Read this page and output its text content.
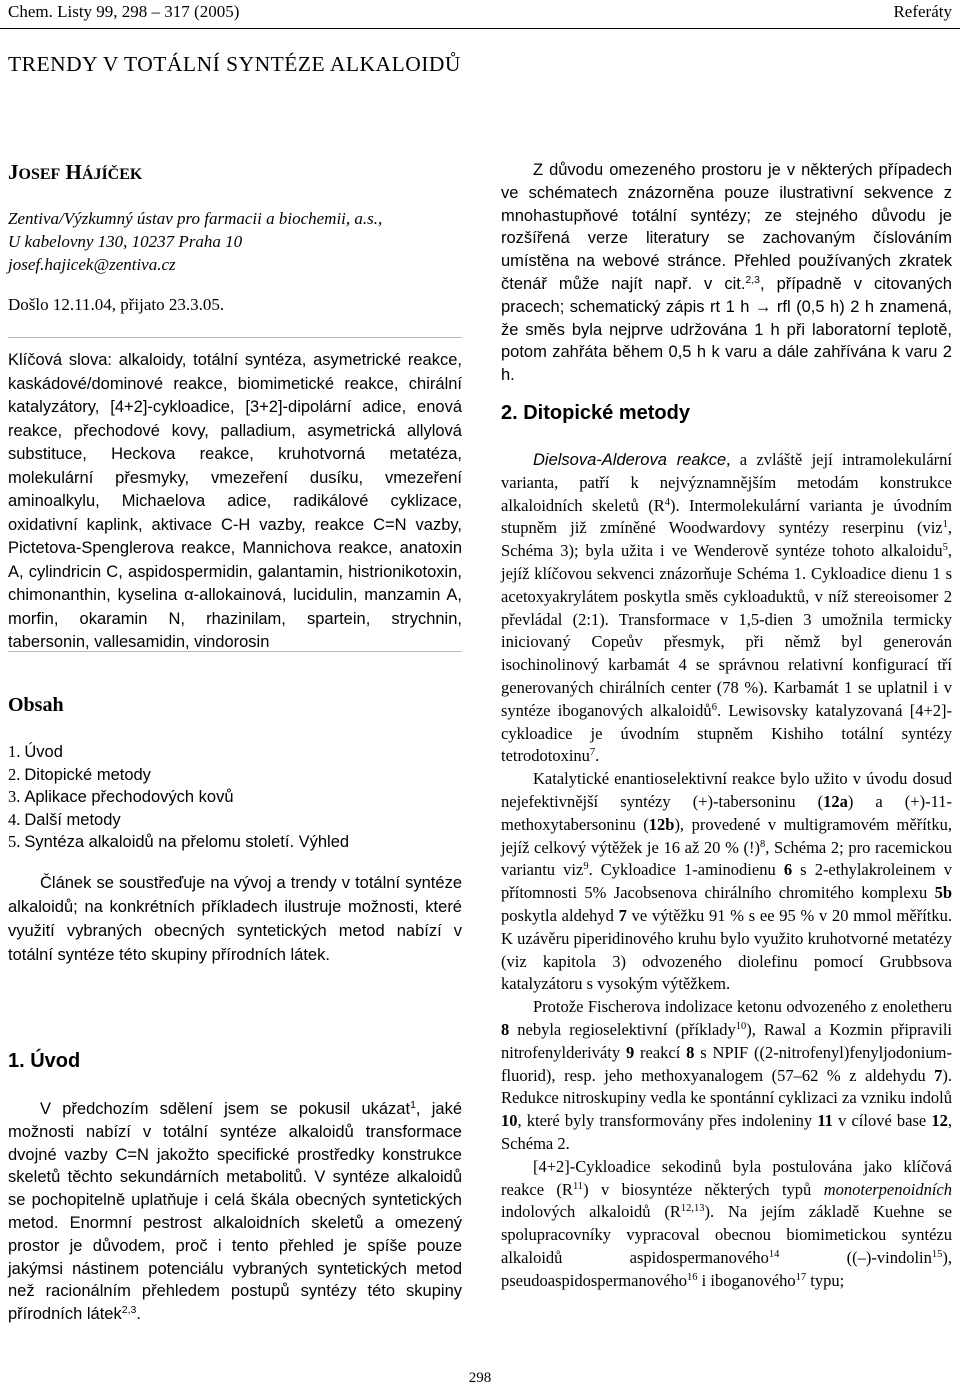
Chem. Listy 99, 298 – 317 (2005)	Referáty
TRENDY V TOTÁLNÍ SYNTÉZE ALKALOIDŮ
JOSEF HÁJÍČEK
Zentiva/Výzkumný ústav pro farmacii a biochemii, a.s.,
U kabelovny 130, 10237 Praha 10
josef.hajicek@zentiva.cz
Došlo 12.11.04, přijato 23.3.05.

Klíčová slova: alkaloidy, totální syntéza, asymetrické reakce, kaskádové/dominové reakce, biomimetické reakce, chirální katalyzátory, [4+2]-cykloadice, [3+2]-dipolární adice, enová reakce, přechodové kovy, palladium, asymetrická allylová substituce, Heckova reakce, kruhotvorná metatéza, molekulární přesmyky, vmezeření dusíku, vmezeření aminoalkylu, Michaelova adice, radikálové cyklizace, oxidativní kaplink, aktivace C-H vazby, reakce C=N vazby, Pictetova-Spenglerova reakce, Mannichova reakce, anatoxin A, cylindricin C, aspidospermidin, galantamin, histrionikotoxin, chimonanthin, kyselina α-allokainová, lucidulin, manzamin A, morfin, okaramin N, rhazinilam, spartein, strychnin, tabersonin, vallesamidin, vindorosin

Obsah
1. Úvod
2. Ditopické metody
3. Aplikace přechodových kovů
4. Další metody
5. Syntéza alkaloidů na přelomu století. Výhled

Článek se soustřeďuje na vývoj a trendy v totální syntéze alkaloidů; na konkrétních příkladech ilustruje možnosti, které využití vybraných obecných syntetických metod nabízí v totální syntéze této skupiny přírodních látek.

1. Úvod

V předchozím sdělení jsem se pokusil ukázat$^1$, jaké možnosti nabízí v totální syntéze alkaloidů transformace dvojné vazby C=N jakožto specifické prostředky konstrukce skeletů těchto sekundárních metabolitů. V syntéze alkaloidů se pochopitelně uplatňuje i celá škála obecných syntetických metod. Enormní pestrost alkaloidních skeletů a omezený prostor je důvodem, proč i tento přehled je spíše pouze jakýmsi nástinem potenciálu vybraných syntetických metod než racionálním přehledem postupů syntézy této skupiny přírodních látek$^{2,3}$.

Z důvodu omezeného prostoru je v některých případech ve schématech znázorněna pouze ilustrativní sekvence z mnohastupňové totální syntézy; ze stejného důvodu je rozšířená verze literatury se zachovaným číslováním umístěna na webové stránce. Přehled používaných zkratek čtenář může najít např. v cit.$^{2,3}$, případně v citovaných pracech; schematický zápis rt 1 h → rfl (0,5 h) 2 h znamená, že směs byla nejprve udržována 1 h při laboratorní teplotě, potom zahřáta během 0,5 h k varu a dále zahřívána k varu 2 h.

2. Ditopické metody

Dielsova-Alderova reakce, a zvláště její intramolekulární varianta, patří k nejvýznamnějším metodám konstrukce alkaloidních skeletů $(R^4)$. Intermolekulární varianta je úvodním stupněm již zmíněné Woodwardovy syntézy reserpinu (viz$^1$, Schéma 3); byla užita i ve Wenderově syntéze tohoto alkaloidu$^5$, jejíž klíčovou sekvenci znázorňuje Schéma 1. Cykloadice dienu 1 s acetoxyakrylátem poskytla směs cykloaduktů, v níž stereoisomer 2 převládal (2:1). Transformace v 1,5-dien 3 umožnila termicky iniciovaný Copeův přesmyk, při němž byl generován isochinolinový karbamát 4 se správnou relativní konfigurací tří generovaných chirálních center (78 %). Karbamát 1 se uplatnil i v syntéze iboganových alkaloidů$^6$. Lewisovsky katalyzovaná [4+2]-cykloadice je úvodním stupněm Kishiho totální syntézy tetrodotoxinu$^7$.

Katalytické enantioselektivní reakce bylo užito v úvodu dosud nejefektivnější syntézy (+)-tabersoninu (12a) a (+)-11-methoxytabersoninu (12b), provedené v multigramovém měřítku, jejíž celkový výtěžek je 16 až 20 % (!)$^8$, Schéma 2; pro racemickou variantu viz$^9$. Cykloadice 1-aminodienu 6 s 2-ethylakroleinem v přítomnosti 5% Jacobsenova chirálního chromitého komplexu 5b poskytla aldehyd 7 ve výtěžku 91 % s ee 95 % v 20 mmol měřítku. K uzávěru piperidinového kruhu bylo využito kruhotvorné metatézy (viz kapitola 3) odvozeného diolefinu pomocí Grubbsova katalyzátoru s vysokým výtěžkem.

Protože Fischerova indolizace ketonu odvozeného z enoletheru 8 nebyla regioselektivní (příklady$^{10}$), Rawal a Kozmin připravili nitrofenylderiváty 9 reakcí 8 s NPIF ((2-nitrofenyl)fenyljodonium-fluorid), resp. jeho methoxyanalogem (57–62 % z aldehydu 7). Redukce nitroskupiny vedla ke spontánní cyklizaci za vzniku indolů 10, které byly transformovány přes indoleniny 11 v cílové base 12, Schéma 2.

[4+2]-Cykloadice sekodinů byla postulována jako klíčová reakce $(R^{11})$ v biosyntéze některých typů monoterpenoidních indolových alkaloidů $(R^{12,13})$. Na jejím základě Kuehne se spolupracovníky vypracoval obecnou biomimetickou syntézu alkaloidů aspidospermanového$^{14}$ ((–)-vindolin$^{15}$), pseudoaspidospermanového$^{16}$ i iboganového$^{17}$ typu;

298
